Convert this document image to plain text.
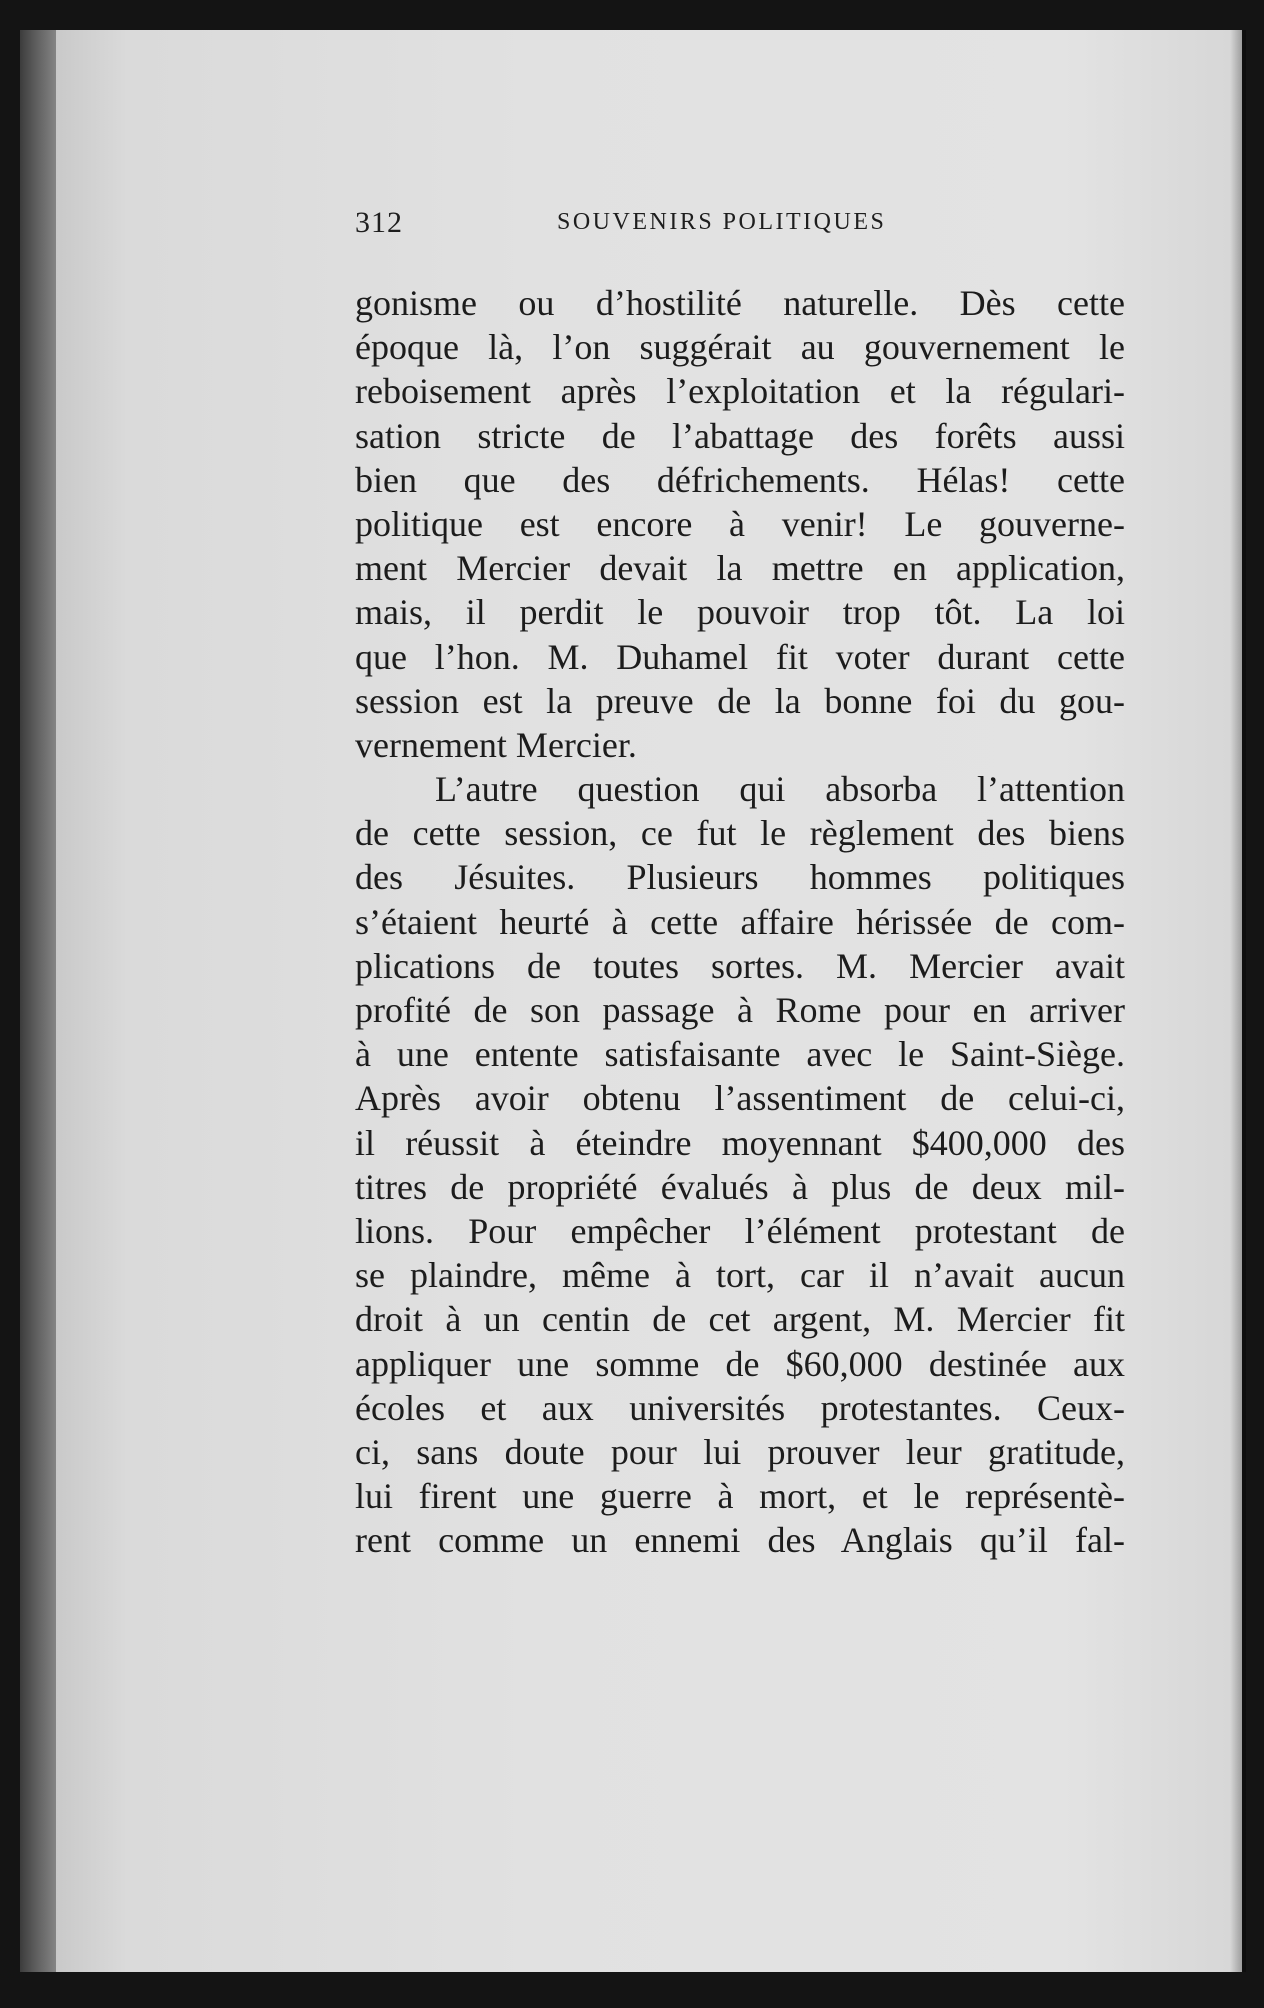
312	SOUVENIRS POLITIQUES
gonisme ou d’hostilité naturelle. Dès cette
époque là, l’on suggérait au gouvernement le
reboisement après l’exploitation et la régulari-
sation stricte de l’abattage des forêts aussi
bien que des défrichements. Hélas! cette
politique est encore à venir! Le gouverne-
ment Mercier devait la mettre en application,
mais, il perdit le pouvoir trop tôt. La loi
que l’hon. M. Duhamel fit voter durant cette
session est la preuve de la bonne foi du gou-
vernement Mercier.
L’autre question qui absorba l’attention
de cette session, ce fut le règlement des biens
des Jésuites. Plusieurs hommes politiques
s’étaient heurté à cette affaire hérissée de com-
plications de toutes sortes. M. Mercier avait
profité de son passage à Rome pour en arriver
à une entente satisfaisante avec le Saint-Siège.
Après avoir obtenu l’assentiment de celui-ci,
il réussit à éteindre moyennant $400,000 des
titres de propriété évalués à plus de deux mil-
lions. Pour empêcher l’élément protestant de
se plaindre, même à tort, car il n’avait aucun
droit à un centin de cet argent, M. Mercier fit
appliquer une somme de $60,000 destinée aux
écoles et aux universités protestantes. Ceux-
ci, sans doute pour lui prouver leur gratitude,
lui firent une guerre à mort, et le représentè-
rent comme un ennemi des Anglais qu’il fal-
